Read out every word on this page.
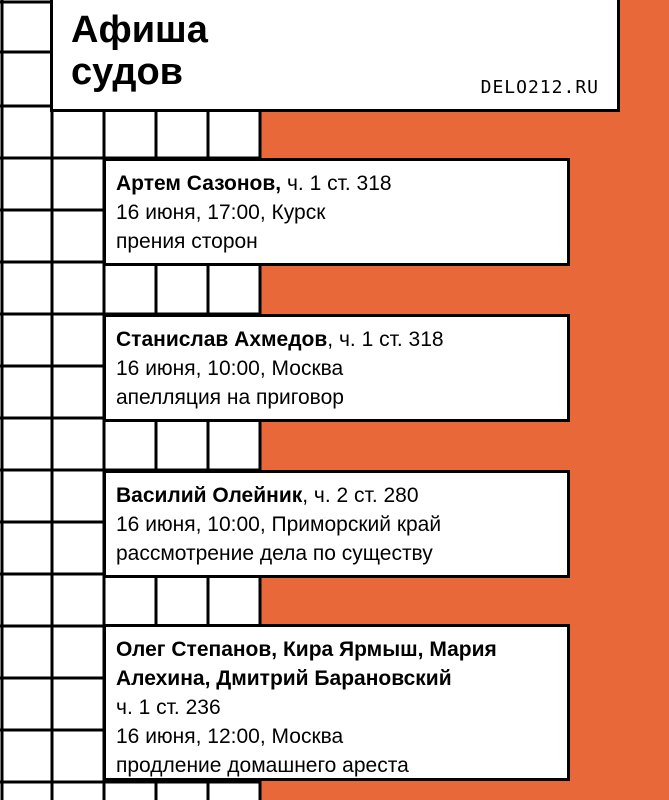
Афиша
судов	DELO212.RU

Артем Сазонов, ч. 1 ст. 318

16 июня, 17:00, Курск

прения сторон

Станислав Ахмедов, ч. 1 ст. 318

16 июня, 10:00, Москва

апелляция на приговор

Василий Олейник, ч. 2 ст. 280

16 июня, 10:00, Приморский край

рассмотрение дела по существу

Олег Степанов, Кира Ярмыш, Мария

Алехина, Дмитрий Барановский

ч. 1 ст. 236

16 июня, 12:00, Москва

продление домашнего ареста
